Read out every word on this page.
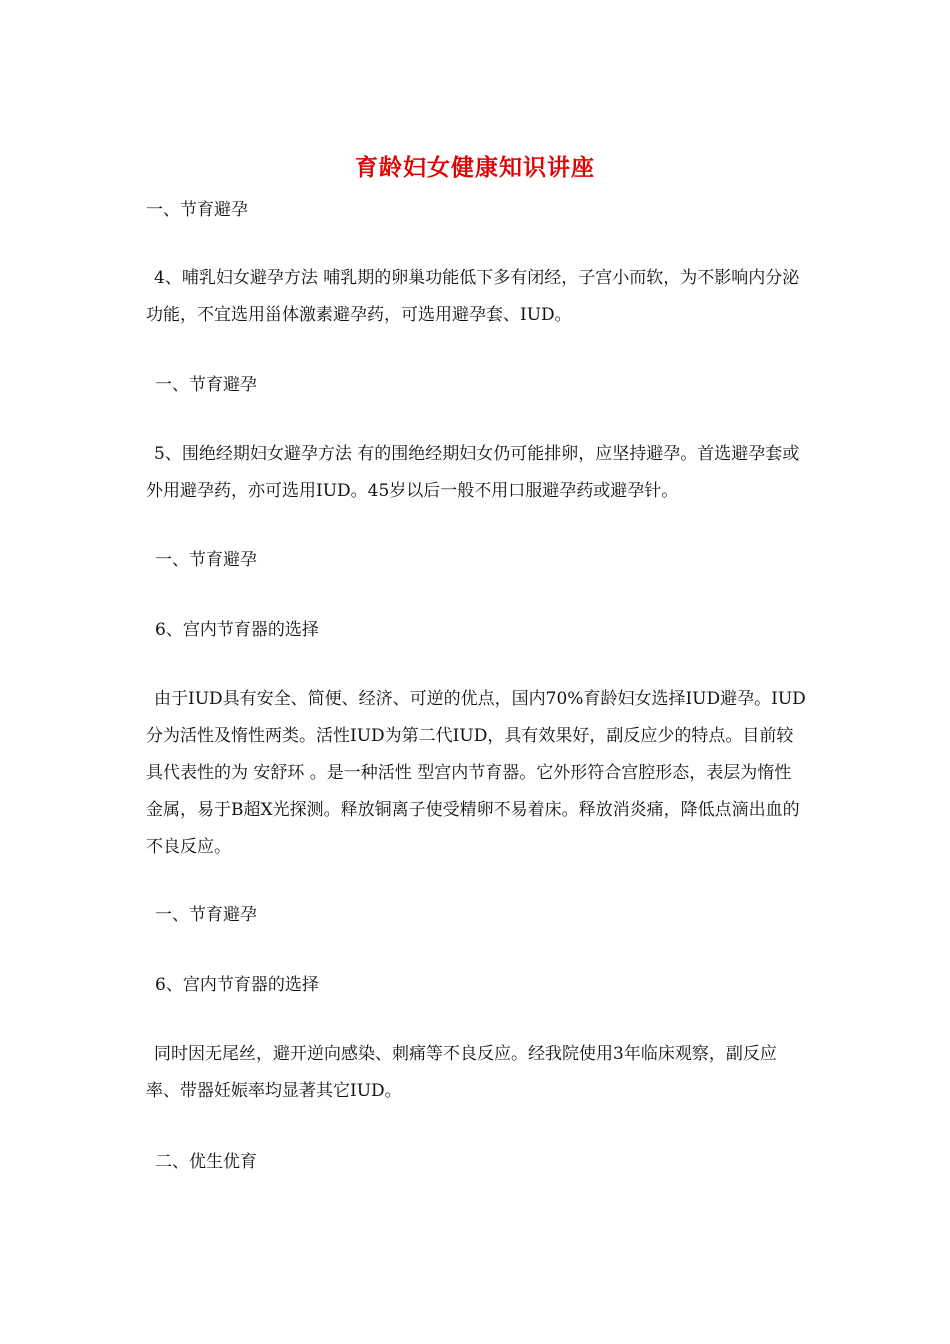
育龄妇女健康知识讲座
一、节育避孕
4、哺乳妇女避孕方法 哺乳期的卵巢功能低下多有闭经，子宫小而软，为不影响内分泌功能，不宜选用甾体激素避孕药，可选用避孕套、IUD。
一、节育避孕
5、围绝经期妇女避孕方法 有的围绝经期妇女仍可能排卵，应坚持避孕。首选避孕套或外用避孕药，亦可选用IUD。45岁以后一般不用口服避孕药或避孕针。
一、节育避孕
6、宫内节育器的选择
由于IUD具有安全、简便、经济、可逆的优点，国内70%育龄妇女选择IUD避孕。IUD分为活性及惰性两类。活性IUD为第二代IUD，具有效果好，副反应少的特点。目前较具代表性的为 安舒环 。是一种活性 型宫内节育器。它外形符合宫腔形态，表层为惰性金属，易于B超X光探测。释放铜离子使受精卵不易着床。释放消炎痛，降低点滴出血的不良反应。
一、节育避孕
6、宫内节育器的选择
同时因无尾丝，避开逆向感染、刺痛等不良反应。经我院使用3年临床观察，副反应率、带器妊娠率均显著其它IUD。
二、优生优育
